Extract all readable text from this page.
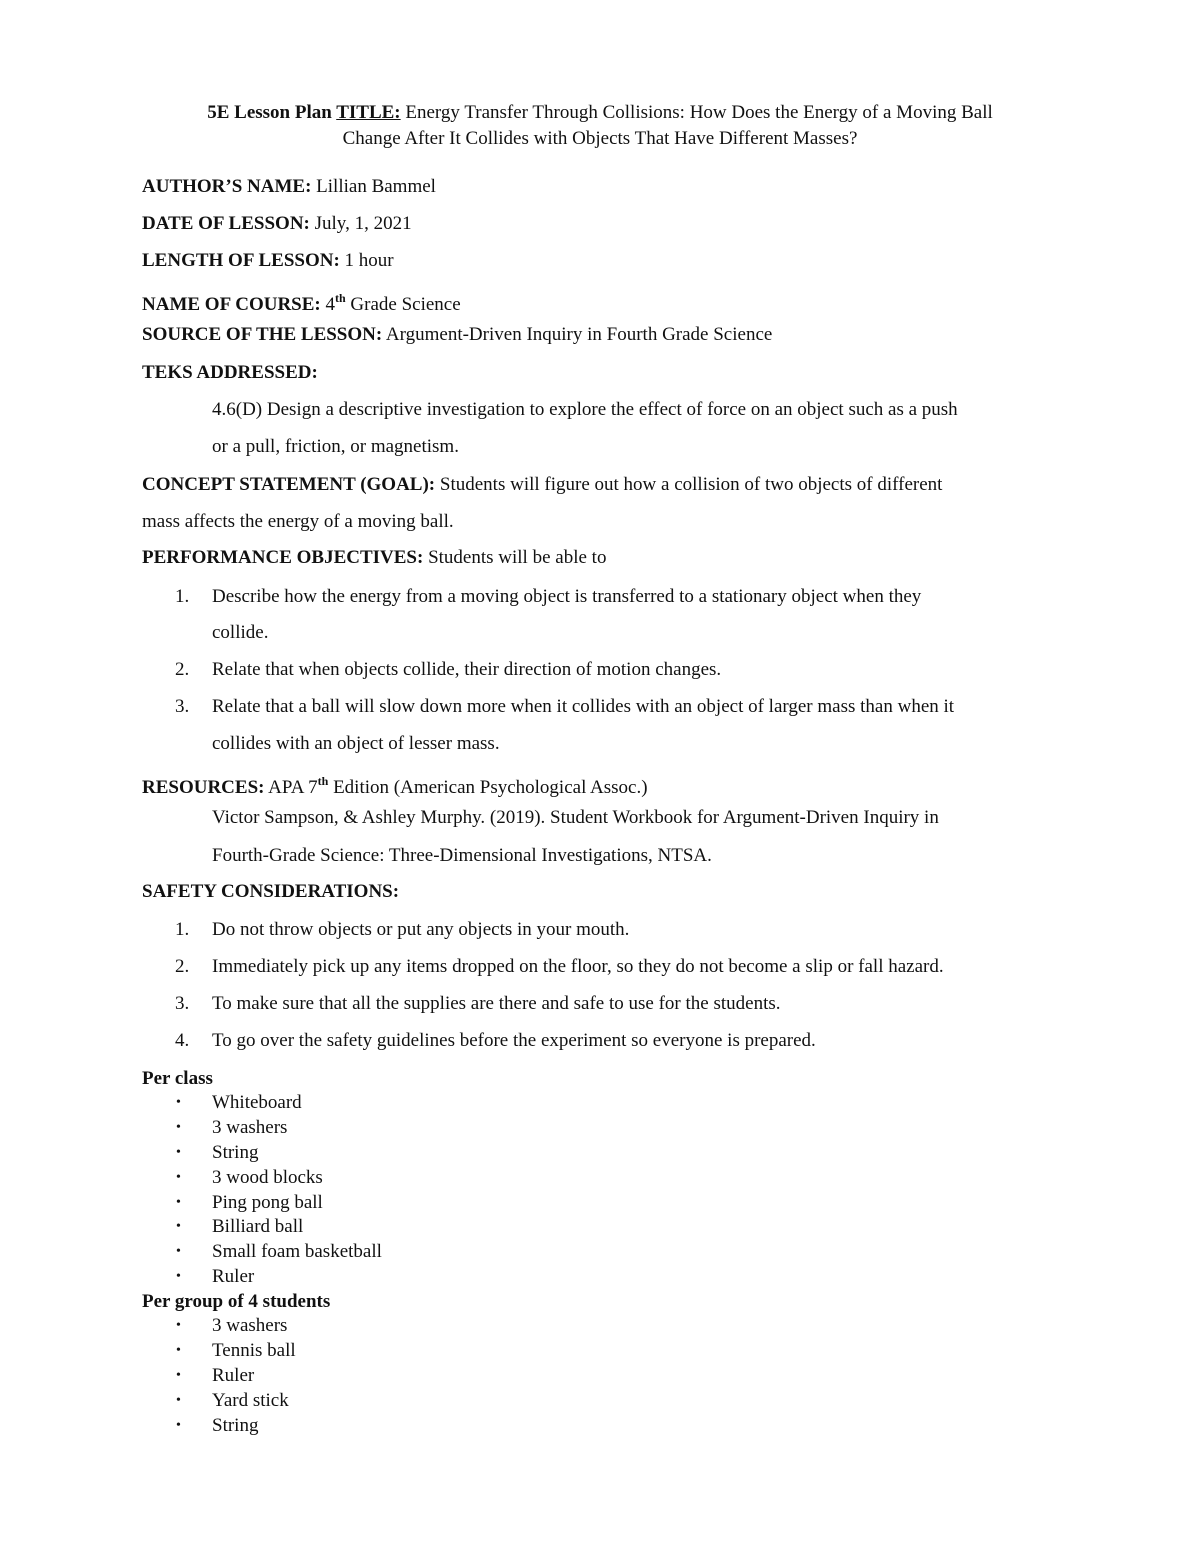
5E Lesson Plan TITLE: Energy Transfer Through Collisions: How Does the Energy of a Moving Ball
Change After It Collides with Objects That Have Different Masses?
AUTHOR’S NAME: Lillian Bammel
DATE OF LESSON: July, 1, 2021
LENGTH OF LESSON: 1 hour
NAME OF COURSE: 4th Grade Science
SOURCE OF THE LESSON: Argument-Driven Inquiry in Fourth Grade Science
TEKS ADDRESSED:
4.6(D) Design a descriptive investigation to explore the effect of force on an object such as a push
or a pull, friction, or magnetism.
CONCEPT STATEMENT (GOAL): Students will figure out how a collision of two objects of different
mass affects the energy of a moving ball.
PERFORMANCE OBJECTIVES: Students will be able to
1. Describe how the energy from a moving object is transferred to a stationary object when they
collide.
2. Relate that when objects collide, their direction of motion changes.
3. Relate that a ball will slow down more when it collides with an object of larger mass than when it
collides with an object of lesser mass.
RESOURCES: APA 7th Edition (American Psychological Assoc.)
Victor Sampson, & Ashley Murphy. (2019). Student Workbook for Argument-Driven Inquiry in
Fourth-Grade Science: Three-Dimensional Investigations, NTSA.
SAFETY CONSIDERATIONS:
1. Do not throw objects or put any objects in your mouth.
2. Immediately pick up any items dropped on the floor, so they do not become a slip or fall hazard.
3. To make sure that all the supplies are there and safe to use for the students.
4. To go over the safety guidelines before the experiment so everyone is prepared.
Per class
• Whiteboard
• 3 washers
• String
• 3 wood blocks
• Ping pong ball
• Billiard ball
• Small foam basketball
• Ruler
Per group of 4 students
• 3 washers
• Tennis ball
• Ruler
• Yard stick
• String
